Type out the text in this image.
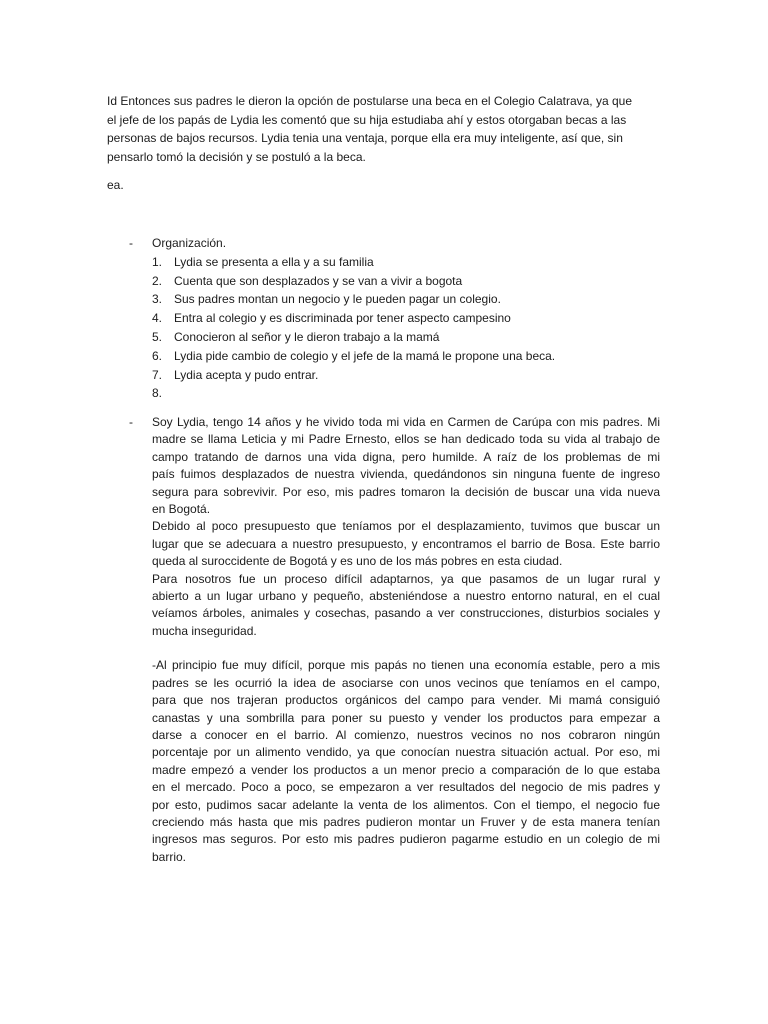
Id Entonces sus padres le dieron la opción de postularse una beca en el Colegio Calatrava, ya que
el jefe de los papás de Lydia les comentó que su hija estudiaba ahí y estos otorgaban becas a las
personas de bajos recursos. Lydia tenia una ventaja, porque ella era muy inteligente, así que, sin
pensarlo tomó la decisión y se postuló a la beca.
ea.
- Organización.
1. Lydia se presenta a ella y a su familia
2. Cuenta que son desplazados y se van a vivir a bogota
3. Sus padres montan un negocio y le pueden pagar un colegio.
4. Entra al colegio y es discriminada por tener aspecto campesino
5. Conocieron al señor y le dieron trabajo a la mamá
6. Lydia pide cambio de colegio y el jefe de la mamá le propone una beca.
7. Lydia acepta y pudo entrar.
8.
- Soy Lydia, tengo 14 años y he vivido toda mi vida en Carmen de Carúpa con mis padres. Mi
madre se llama Leticia y mi Padre Ernesto, ellos se han dedicado toda su vida al trabajo de
campo tratando de darnos una vida digna, pero humilde. A raíz de los problemas de mi
país fuimos desplazados de nuestra vivienda, quedándonos sin ninguna fuente de ingreso
segura para sobrevivir. Por eso, mis padres tomaron la decisión de buscar una vida nueva
en Bogotá.
Debido al poco presupuesto que teníamos por el desplazamiento, tuvimos que buscar un
lugar que se adecuara a nuestro presupuesto, y encontramos el barrio de Bosa. Este barrio
queda al suroccidente de Bogotá y es uno de los más pobres en esta ciudad.
Para nosotros fue un proceso difícil adaptarnos, ya que pasamos de un lugar rural y
abierto a un lugar urbano y pequeño, absteniéndose a nuestro entorno natural, en el cual
veíamos árboles, animales y cosechas, pasando a ver construcciones, disturbios sociales y
mucha inseguridad.
-Al principio fue muy difícil, porque mis papás no tienen una economía estable, pero a mis
padres se les ocurrió la idea de asociarse con unos vecinos que teníamos en el campo,
para que nos trajeran productos orgánicos del campo para vender. Mi mamá consiguió
canastas y una sombrilla para poner su puesto y vender los productos para empezar a
darse a conocer en el barrio. Al comienzo, nuestros vecinos no nos cobraron ningún
porcentaje por un alimento vendido, ya que conocían nuestra situación actual. Por eso, mi
madre empezó a vender los productos a un menor precio a comparación de lo que estaba
en el mercado. Poco a poco, se empezaron a ver resultados del negocio de mis padres y
por esto, pudimos sacar adelante la venta de los alimentos. Con el tiempo, el negocio fue
creciendo más hasta que mis padres pudieron montar un Fruver y de esta manera tenían
ingresos mas seguros. Por esto mis padres pudieron pagarme estudio en un colegio de mi
barrio.
